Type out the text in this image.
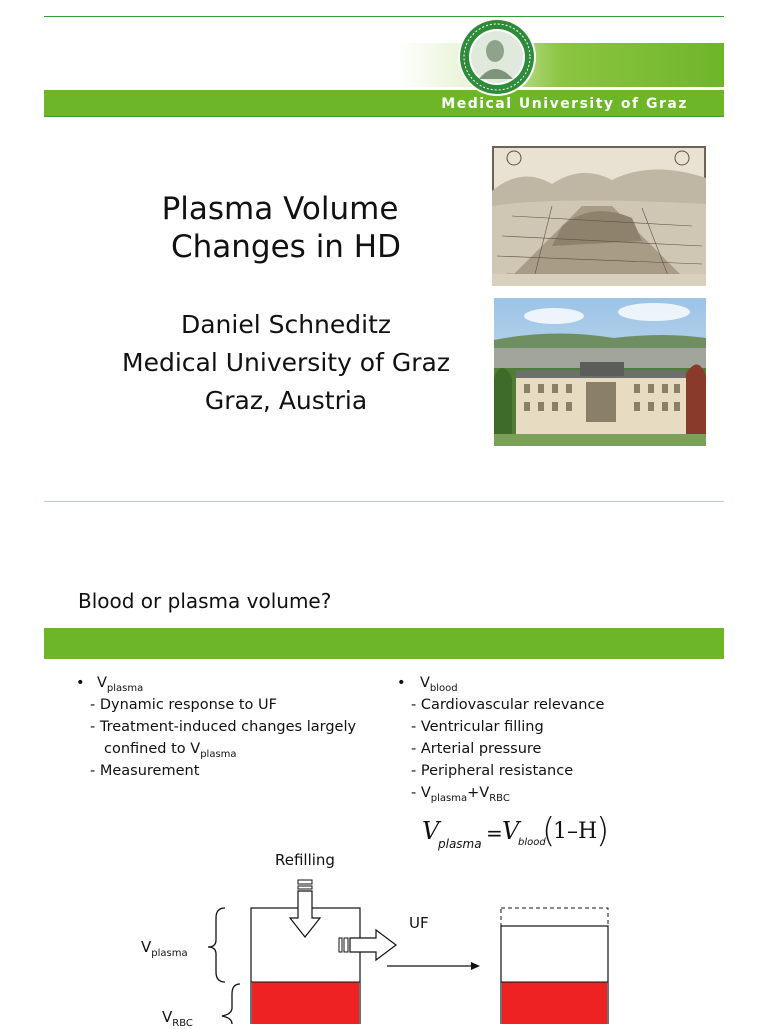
Medical University of Graz
Plasma Volume
Changes in HD
Daniel Schneditz
Medical University of Graz
Graz, Austria
Blood or plasma volume?
• $V_{plasma}$
- Dynamic response to UF
- Treatment-induced changes largely
confined to $V_{plasma}$
- Measurement
• $V_{blood}$
- Cardiovascular relevance
- Ventricular filling
- Arterial pressure
- Peripheral resistance
- $V_{plasma}+V_{RBC}$
V
plasma = V
blood
(
1–H
)
Refilling
UF
$V_{plasma}$
$V_{RBC}$
